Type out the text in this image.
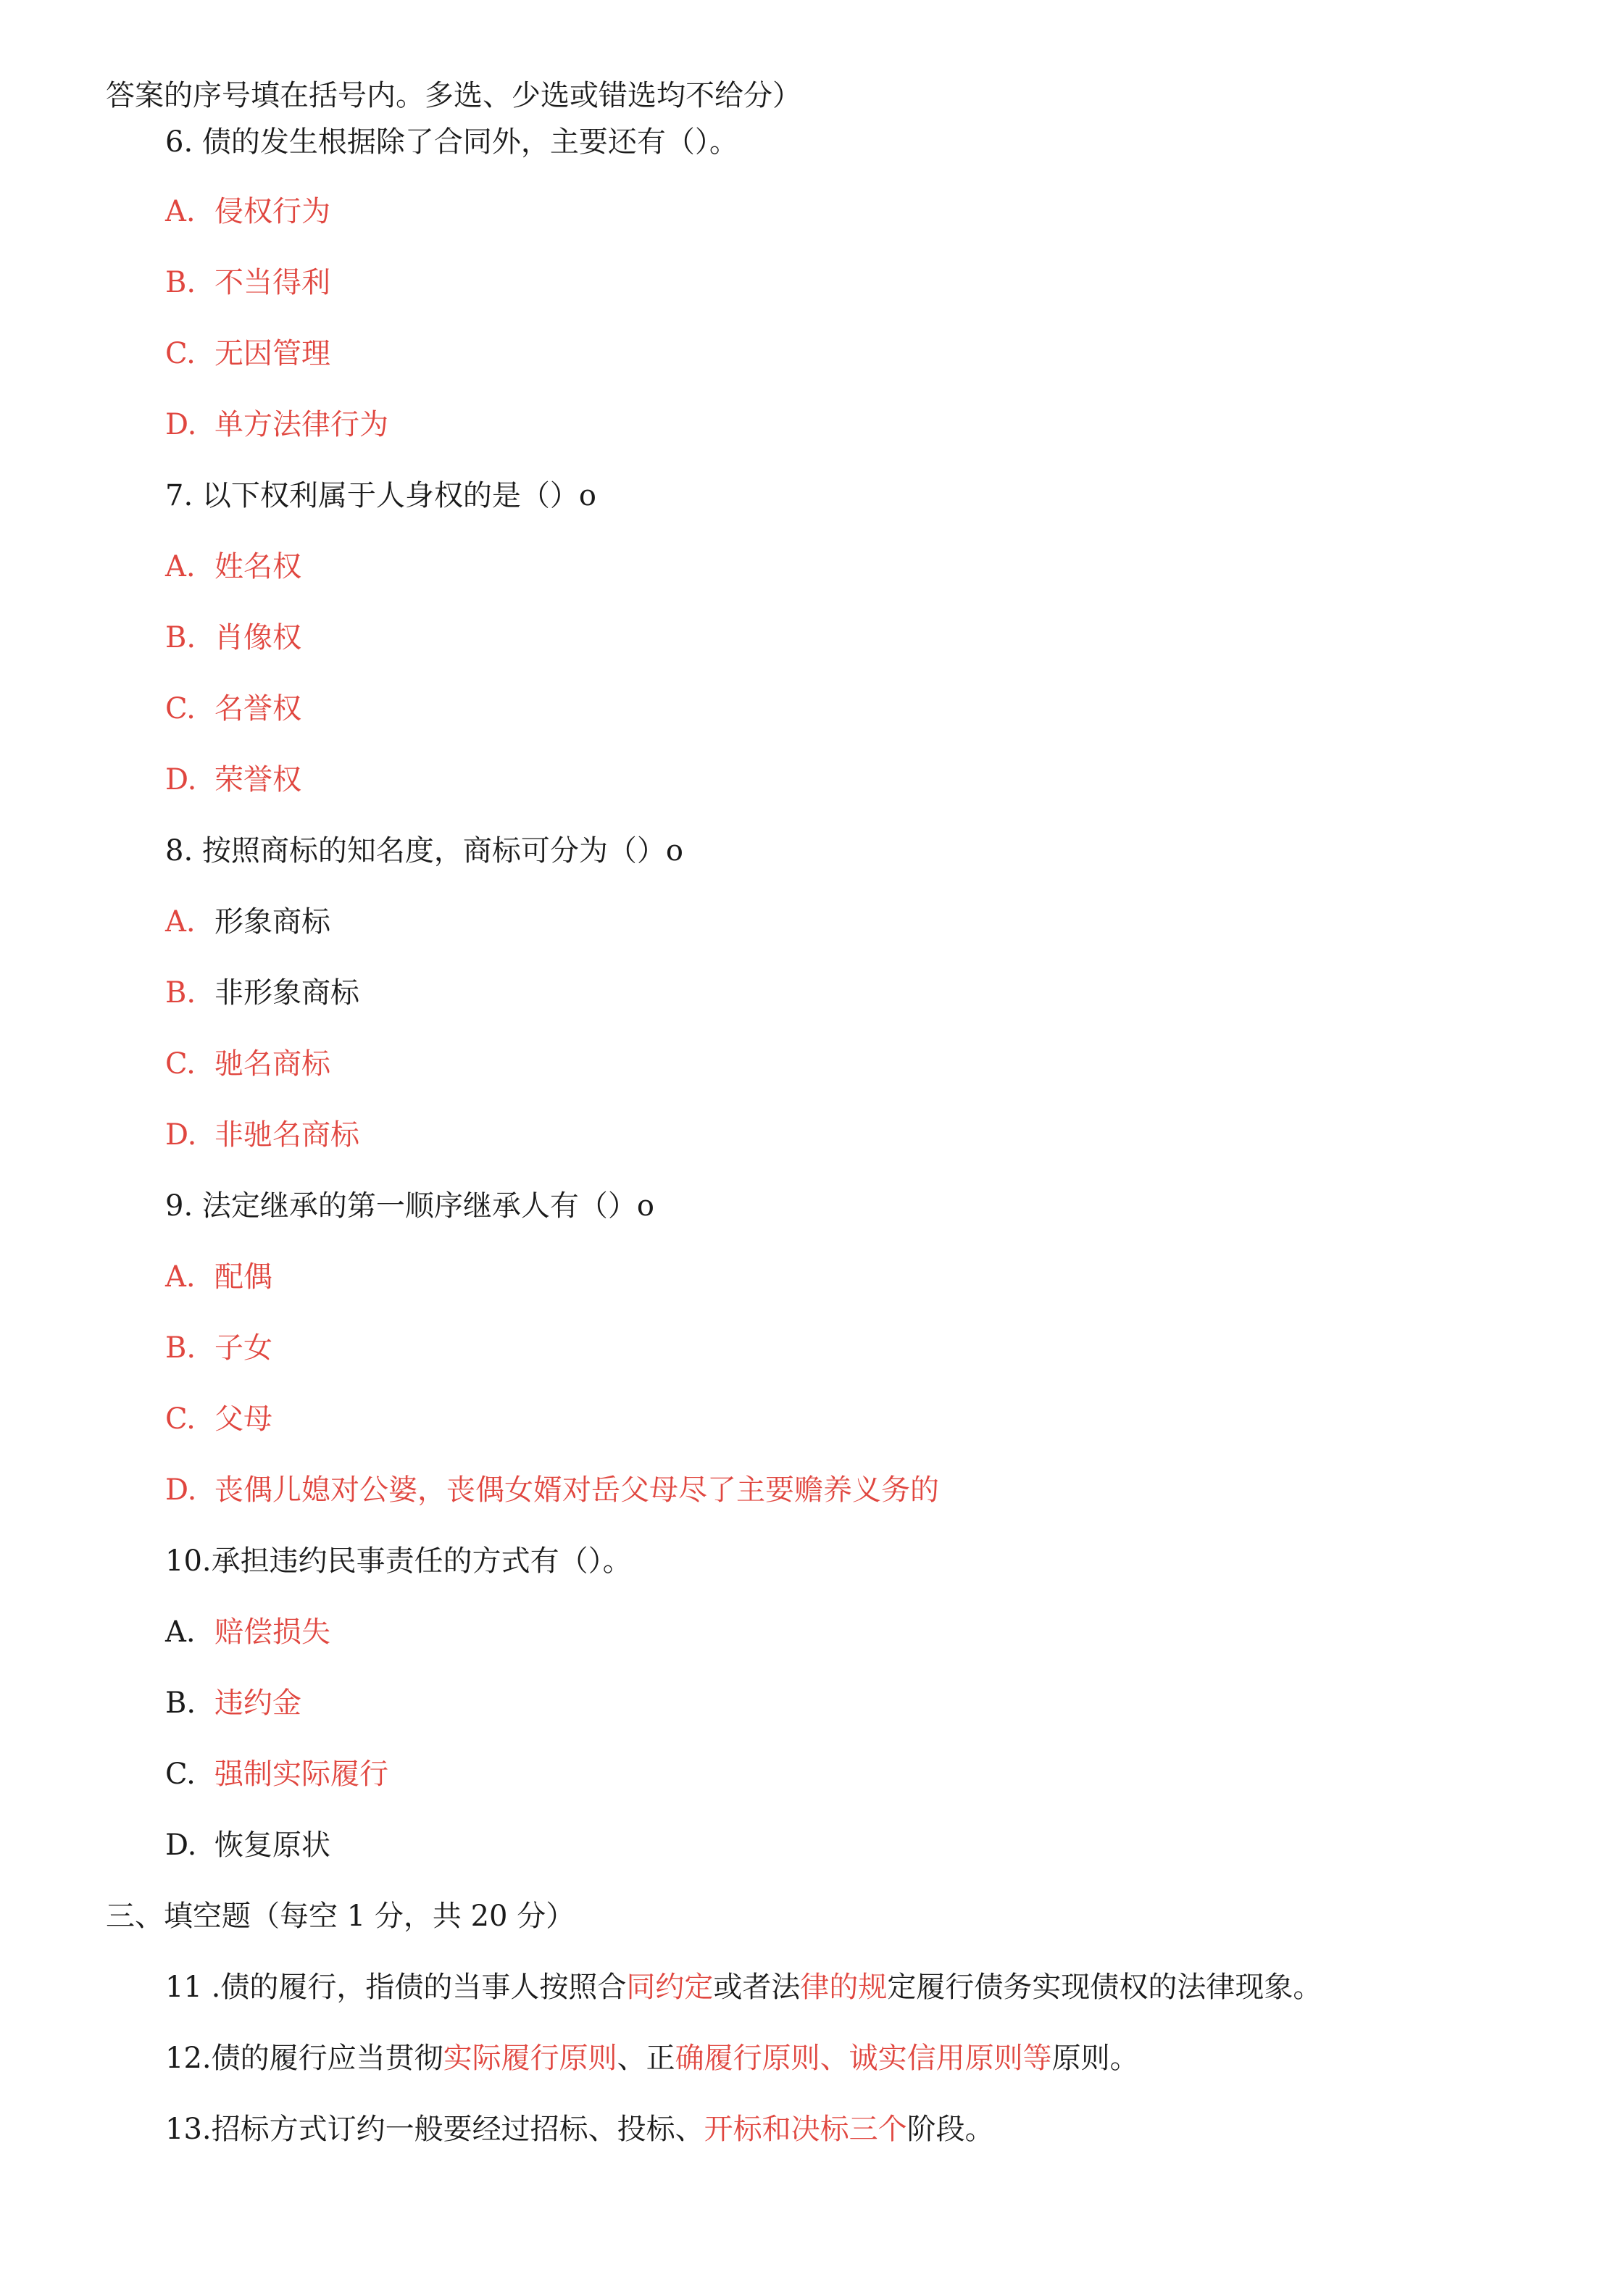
答案的序号填在括号内。多选、少选或错选均不给分）
6. 债的发生根据除了合同外，主要还有（）。
A. 侵权行为
B. 不当得利
C. 无因管理
D. 单方法律行为
7. 以下权利属于人身权的是（）o
A. 姓名权
B. 肖像权
C. 名誉权
D. 荣誉权
8. 按照商标的知名度，商标可分为（）o
A. 形象商标
B. 非形象商标
C. 驰名商标
D. 非驰名商标
9. 法定继承的第一顺序继承人有（）o
A. 配偶
B. 子女
C. 父母
D. 丧偶儿媳对公婆，丧偶女婿对岳父母尽了主要赡养义务的
10.承担违约民事责任的方式有（）。
A. 赔偿损失
B. 违约金
C. 强制实际履行
D. 恢复原状
三、填空题（每空 1 分，共 20 分）
11 .债的履行，指债的当事人按照合同约定或者法律的规定履行债务实现债权的法律现象。
12.债的履行应当贯彻实际履行原则、正确履行原则、诚实信用原则等原则。
13.招标方式订约一般要经过招标、投标、开标和决标三个阶段。
